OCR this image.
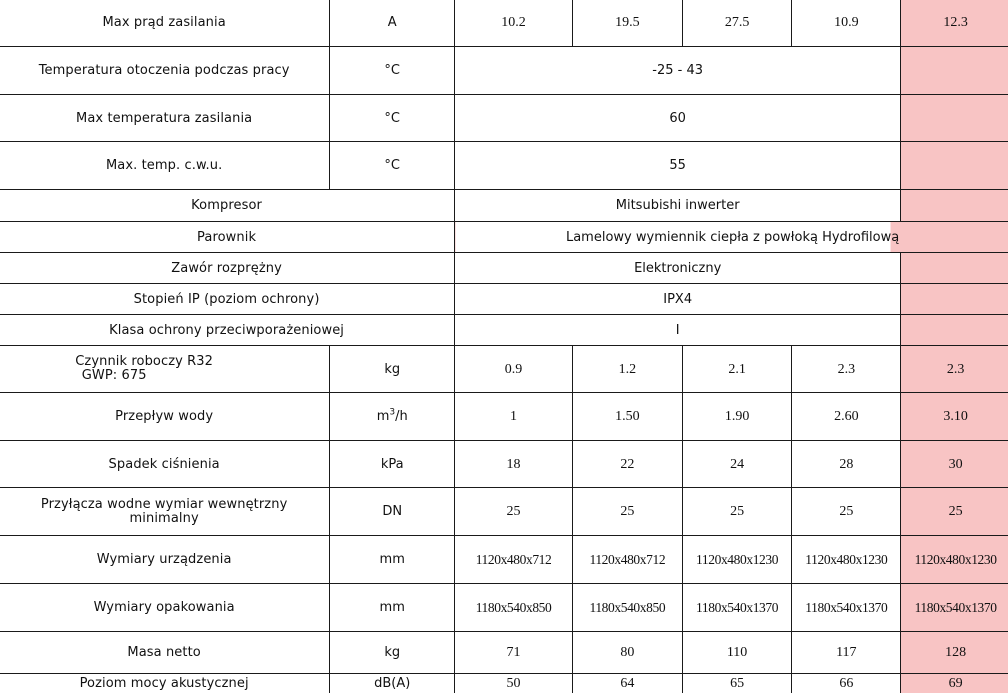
Max prąd zasilania	A	10.2	19.5	27.5	10.9	12.3
Temperatura otoczenia podczas pracy	°C	-25 - 43				
Max temperatura zasilania	°C	60				
Max. temp. c.w.u.	°C	55				
Kompresor		Mitsubishi inwerter				
Parownik		Lamelowy wymiennik ciepła z powłoką Hydrofilową				
Zawór rozprężny		Elektroniczny				
Stopień IP (poziom ochrony)		IPX4				
Klasa ochrony przeciwporażeniowej		I				

Czynnik roboczy R32
GWP: 675	kg	0.9	1.2	2.1	2.3	2.3
Przepływ wody	$m^3/h$	1	1.50	1.90	2.60	3.10
Spadek ciśnienia	kPa	18	22	24	28	30

Przyłącza wodne wymiar wewnętrzny
minimalny	DN	25	25	25	25	25
Wymiary urządzenia	mm	1120x480x712	1120x480x712	1120x480x1230	1120x480x1230	1120x480x1230
Wymiary opakowania	mm	1180x540x850	1180x540x850	1180x540x1370	1180x540x1370	1180x540x1370
Masa netto	kg	71	80	110	117	128
Poziom mocy akustycznej	dB(A)	50	64	65	66	69
